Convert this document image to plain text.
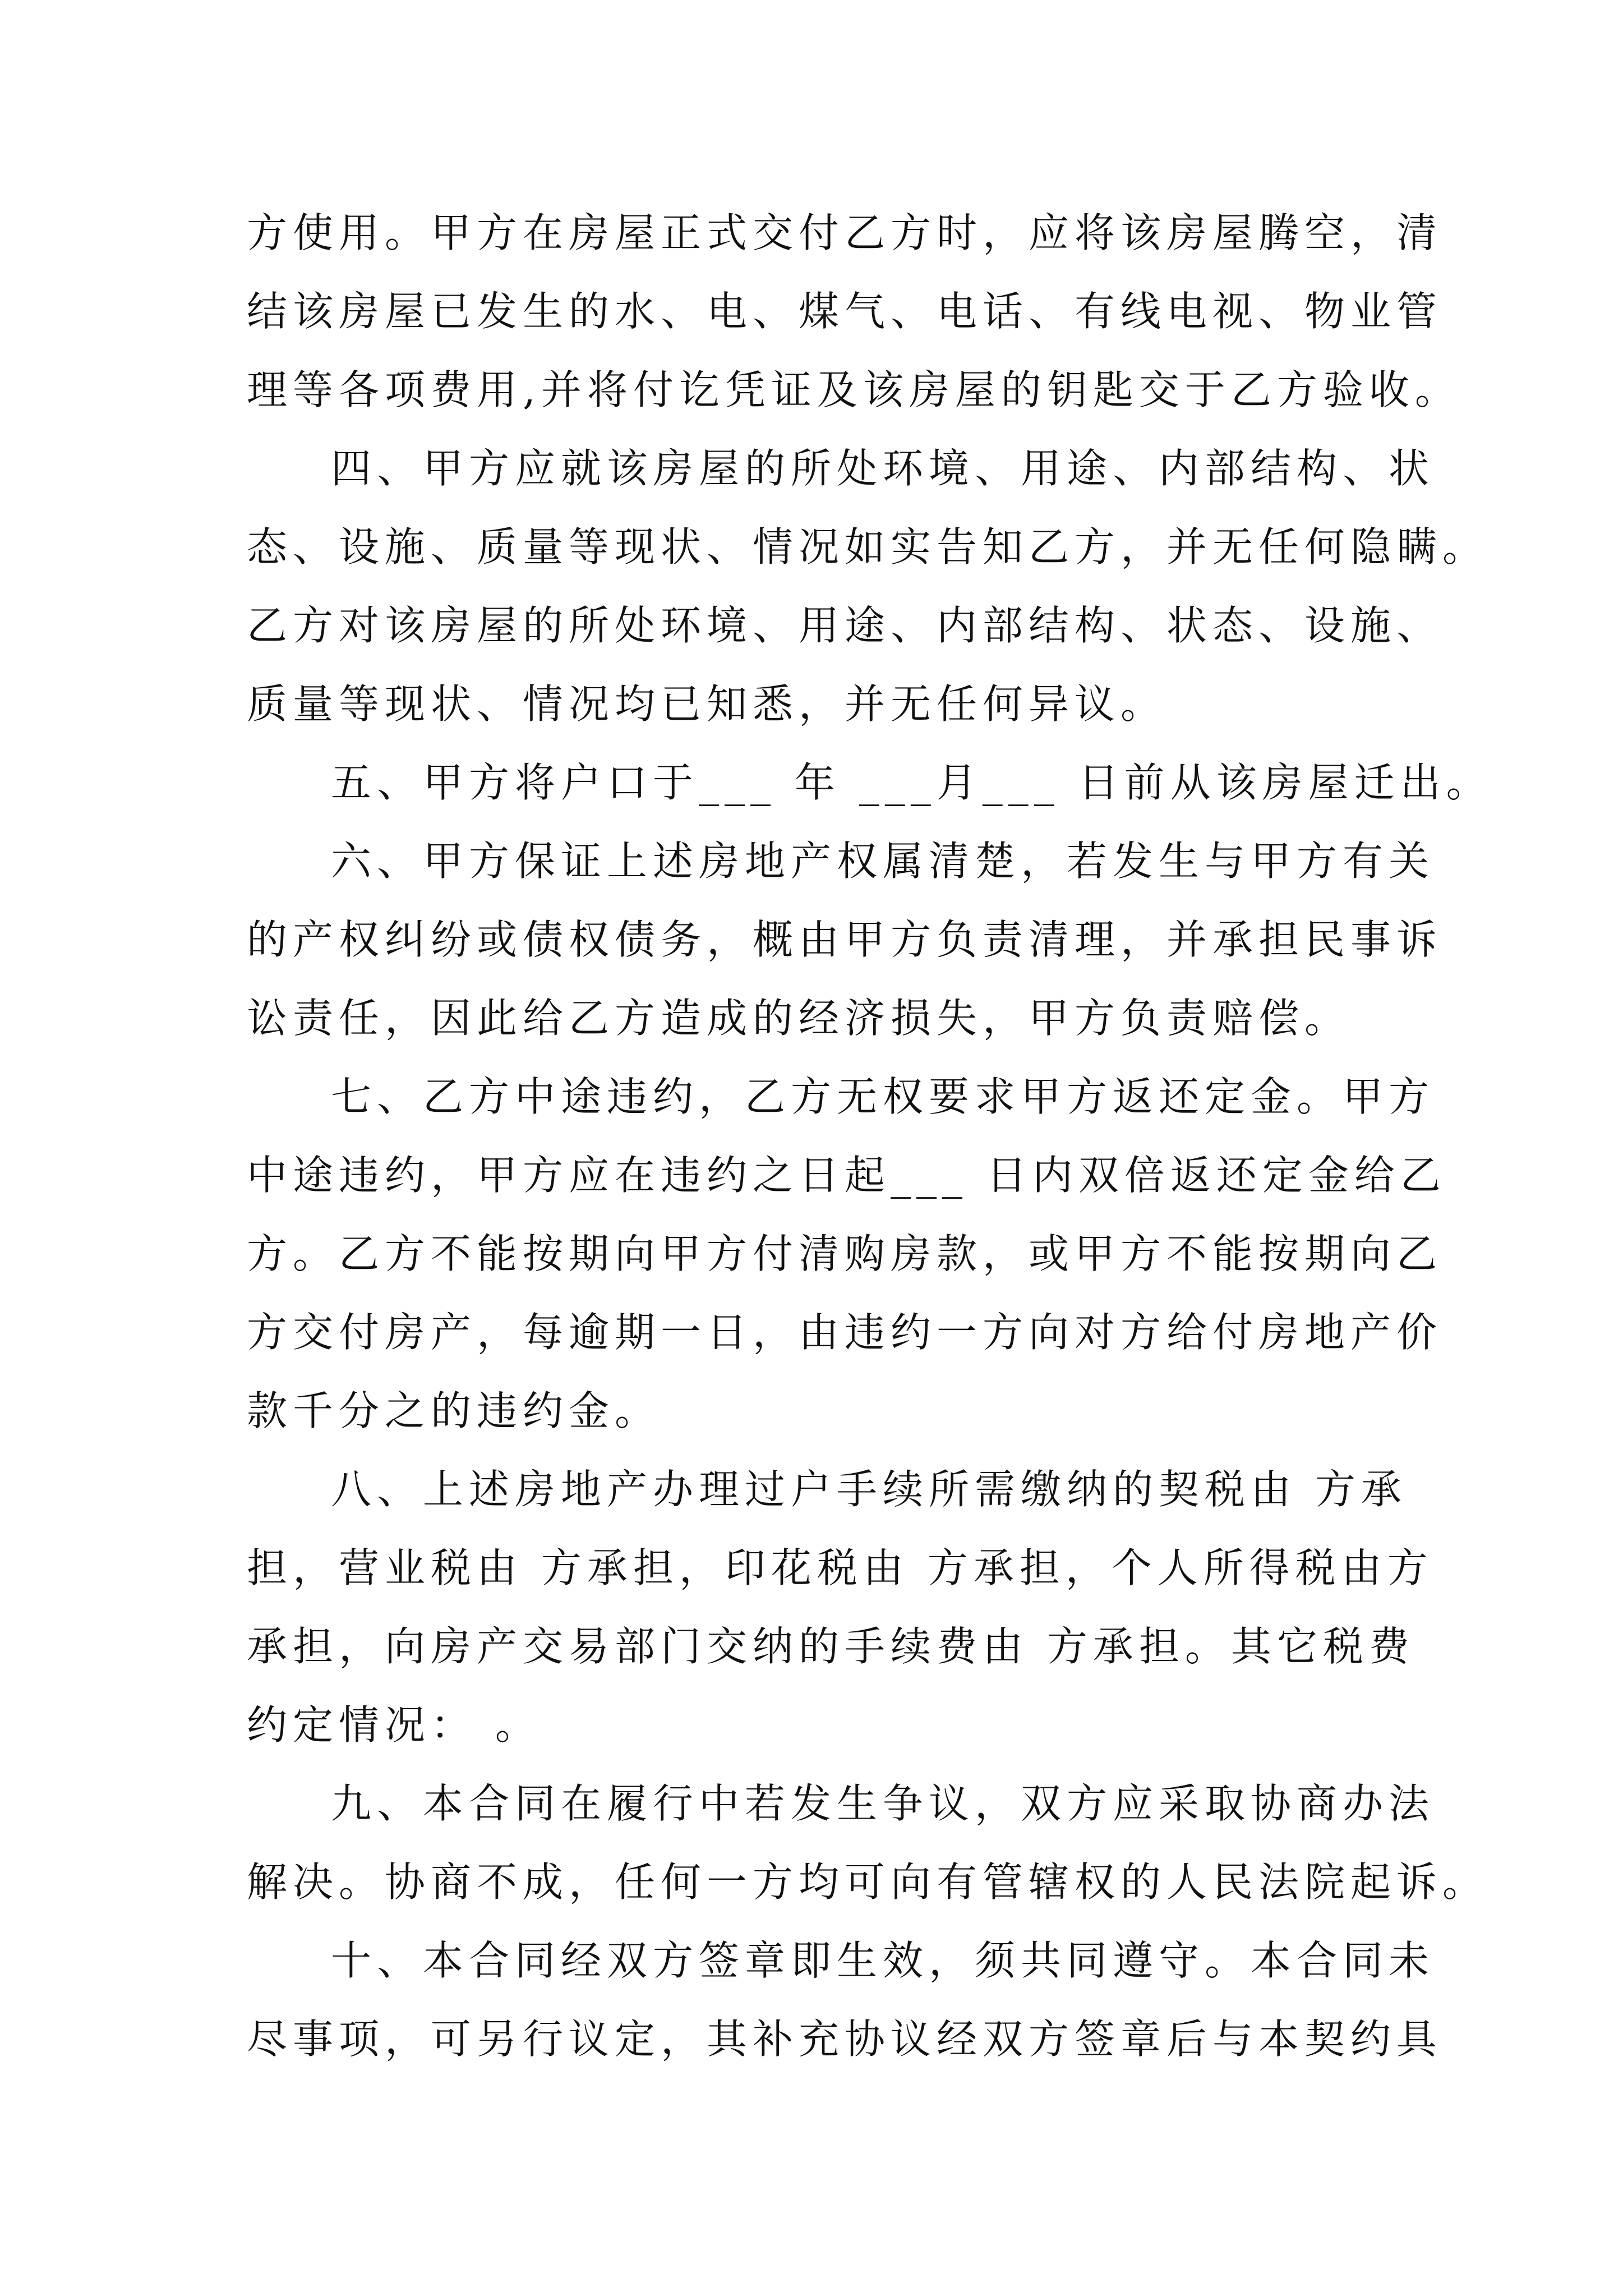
方使用。甲方在房屋正式交付乙方时，应将该房屋腾空，清
结该房屋已发生的水、电、煤气、电话、有线电视、物业管
理等各项费用,并将付讫凭证及该房屋的钥匙交于乙方验收。
四、甲方应就该房屋的所处环境、用途、内部结构、状
态、设施、质量等现状、情况如实告知乙方，并无任何隐瞒。
乙方对该房屋的所处环境、用途、内部结构、状态、设施、
质量等现状、情况均已知悉，并无任何异议。
五、甲方将户口于___ 年 ___月___ 日前从该房屋迁出。
六、甲方保证上述房地产权属清楚，若发生与甲方有关
的产权纠纷或债权债务，概由甲方负责清理，并承担民事诉
讼责任，因此给乙方造成的经济损失，甲方负责赔偿。
七、乙方中途违约，乙方无权要求甲方返还定金。甲方
中途违约，甲方应在违约之日起___ 日内双倍返还定金给乙
方。乙方不能按期向甲方付清购房款，或甲方不能按期向乙
方交付房产，每逾期一日，由违约一方向对方给付房地产价
款千分之的违约金。
八、上述房地产办理过户手续所需缴纳的契税由 方承
担，营业税由 方承担，印花税由 方承担，个人所得税由方
承担，向房产交易部门交纳的手续费由 方承担。其它税费
约定情况： 。
九、本合同在履行中若发生争议，双方应采取协商办法
解决。协商不成，任何一方均可向有管辖权的人民法院起诉。
十、本合同经双方签章即生效，须共同遵守。本合同未
尽事项，可另行议定，其补充协议经双方签章后与本契约具
